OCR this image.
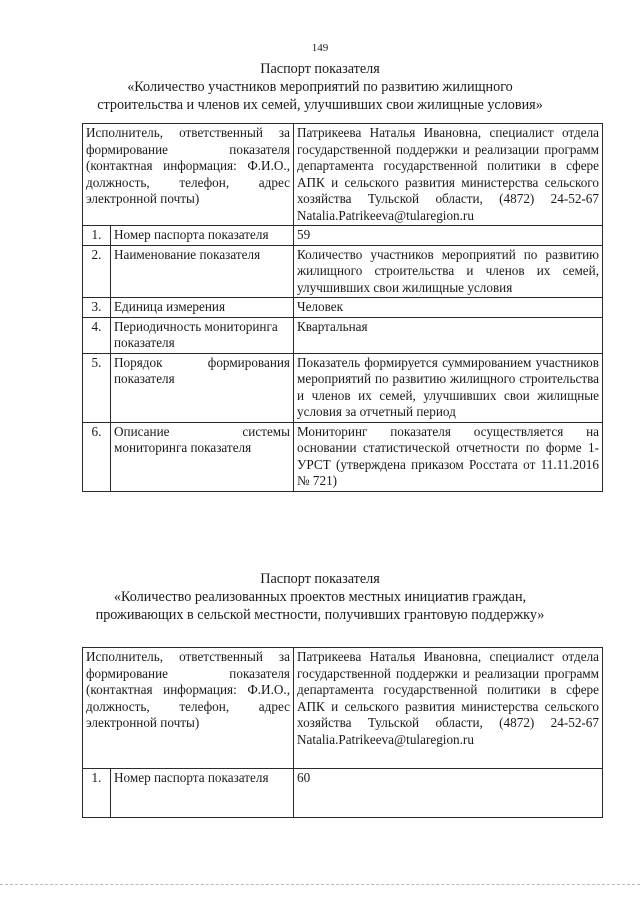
149
Паспорт показателя
«Количество участников мероприятий по развитию жилищного
строительства и членов их семей, улучшивших свои жилищные условия»
Исполнитель, ответственный за формирование показателя (контактная информация: Ф.И.О., должность, телефон, адрес электронной почты)		Патрикеева Наталья Ивановна, специалист отдела государственной поддержки и реализации программ департамента государственной политики в сфере АПК и сельского развития министерства сельского хозяйства Тульской области, (4872) 24-52-67 Natalia.Patrikeeva@tularegion.ru
1.	Номер паспорта показателя	59
2.	Наименование показателя	Количество участников мероприятий по развитию жилищного строительства и членов их семей, улучшивших свои жилищные условия
3.	Единица измерения	Человек
4.	Периодичность мониторинга показателя	Квартальная
5.	Порядок формирования показателя	Показатель формируется суммированием участников мероприятий по развитию жилищного строительства и членов их семей, улучшивших свои жилищные условия за отчетный период
6.	Описание системы мониторинга показателя	Мониторинг показателя осуществляется на основании статистической отчетности по форме 1-УРСТ (утверждена приказом Росстата от 11.11.2016 № 721)
Паспорт показателя
«Количество реализованных проектов местных инициатив граждан,
проживающих в сельской местности, получивших грантовую поддержку»
Исполнитель, ответственный за формирование показателя (контактная информация: Ф.И.О., должность, телефон, адрес электронной почты)		Патрикеева Наталья Ивановна, специалист отдела государственной поддержки и реализации программ департамента государственной политики в сфере АПК и сельского развития министерства сельского хозяйства Тульской области, (4872) 24-52-67 Natalia.Patrikeeva@tularegion.ru
1.	Номер паспорта показателя	60
